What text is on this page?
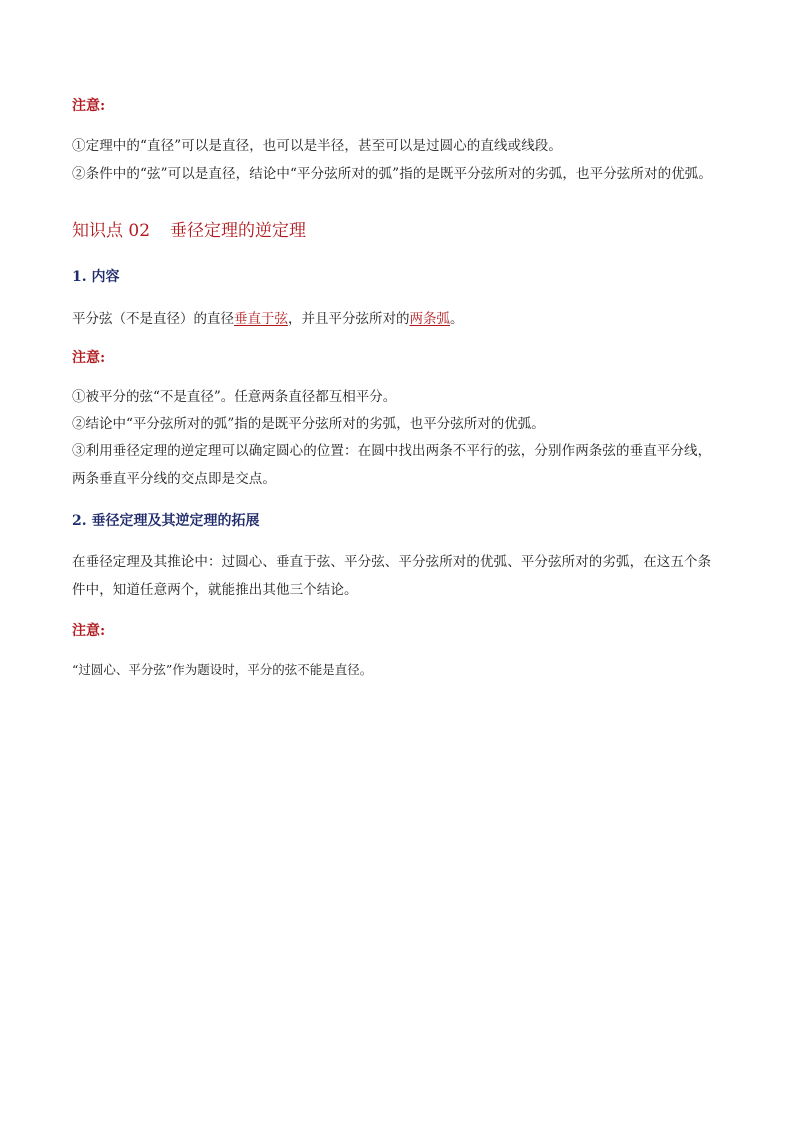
注意:
①定理中的“直径”可以是直径，也可以是半径，甚至可以是过圆心的直线或线段。
②条件中的“弦”可以是直径，结论中“平分弦所对的弧”指的是既平分弦所对的劣弧，也平分弦所对的优弧。
知识点 02 垂径定理的逆定理
1. 内容
平分弦（不是直径）的直径垂直于弦，并且平分弦所对的两条弧。
注意:
①被平分的弦“不是直径”。任意两条直径都互相平分。
②结论中“平分弦所对的弧”指的是既平分弦所对的劣弧，也平分弦所对的优弧。
③利用垂径定理的逆定理可以确定圆心的位置：在圆中找出两条不平行的弦，分别作两条弦的垂直平分线，两条垂直平分线的交点即是交点。
2. 垂径定理及其逆定理的拓展
在垂径定理及其推论中：过圆心、垂直于弦、平分弦、平分弦所对的优弧、平分弦所对的劣弧，在这五个条件中，知道任意两个，就能推出其他三个结论。
注意:
“过圆心、平分弦”作为题设时，平分的弦不能是直径。
